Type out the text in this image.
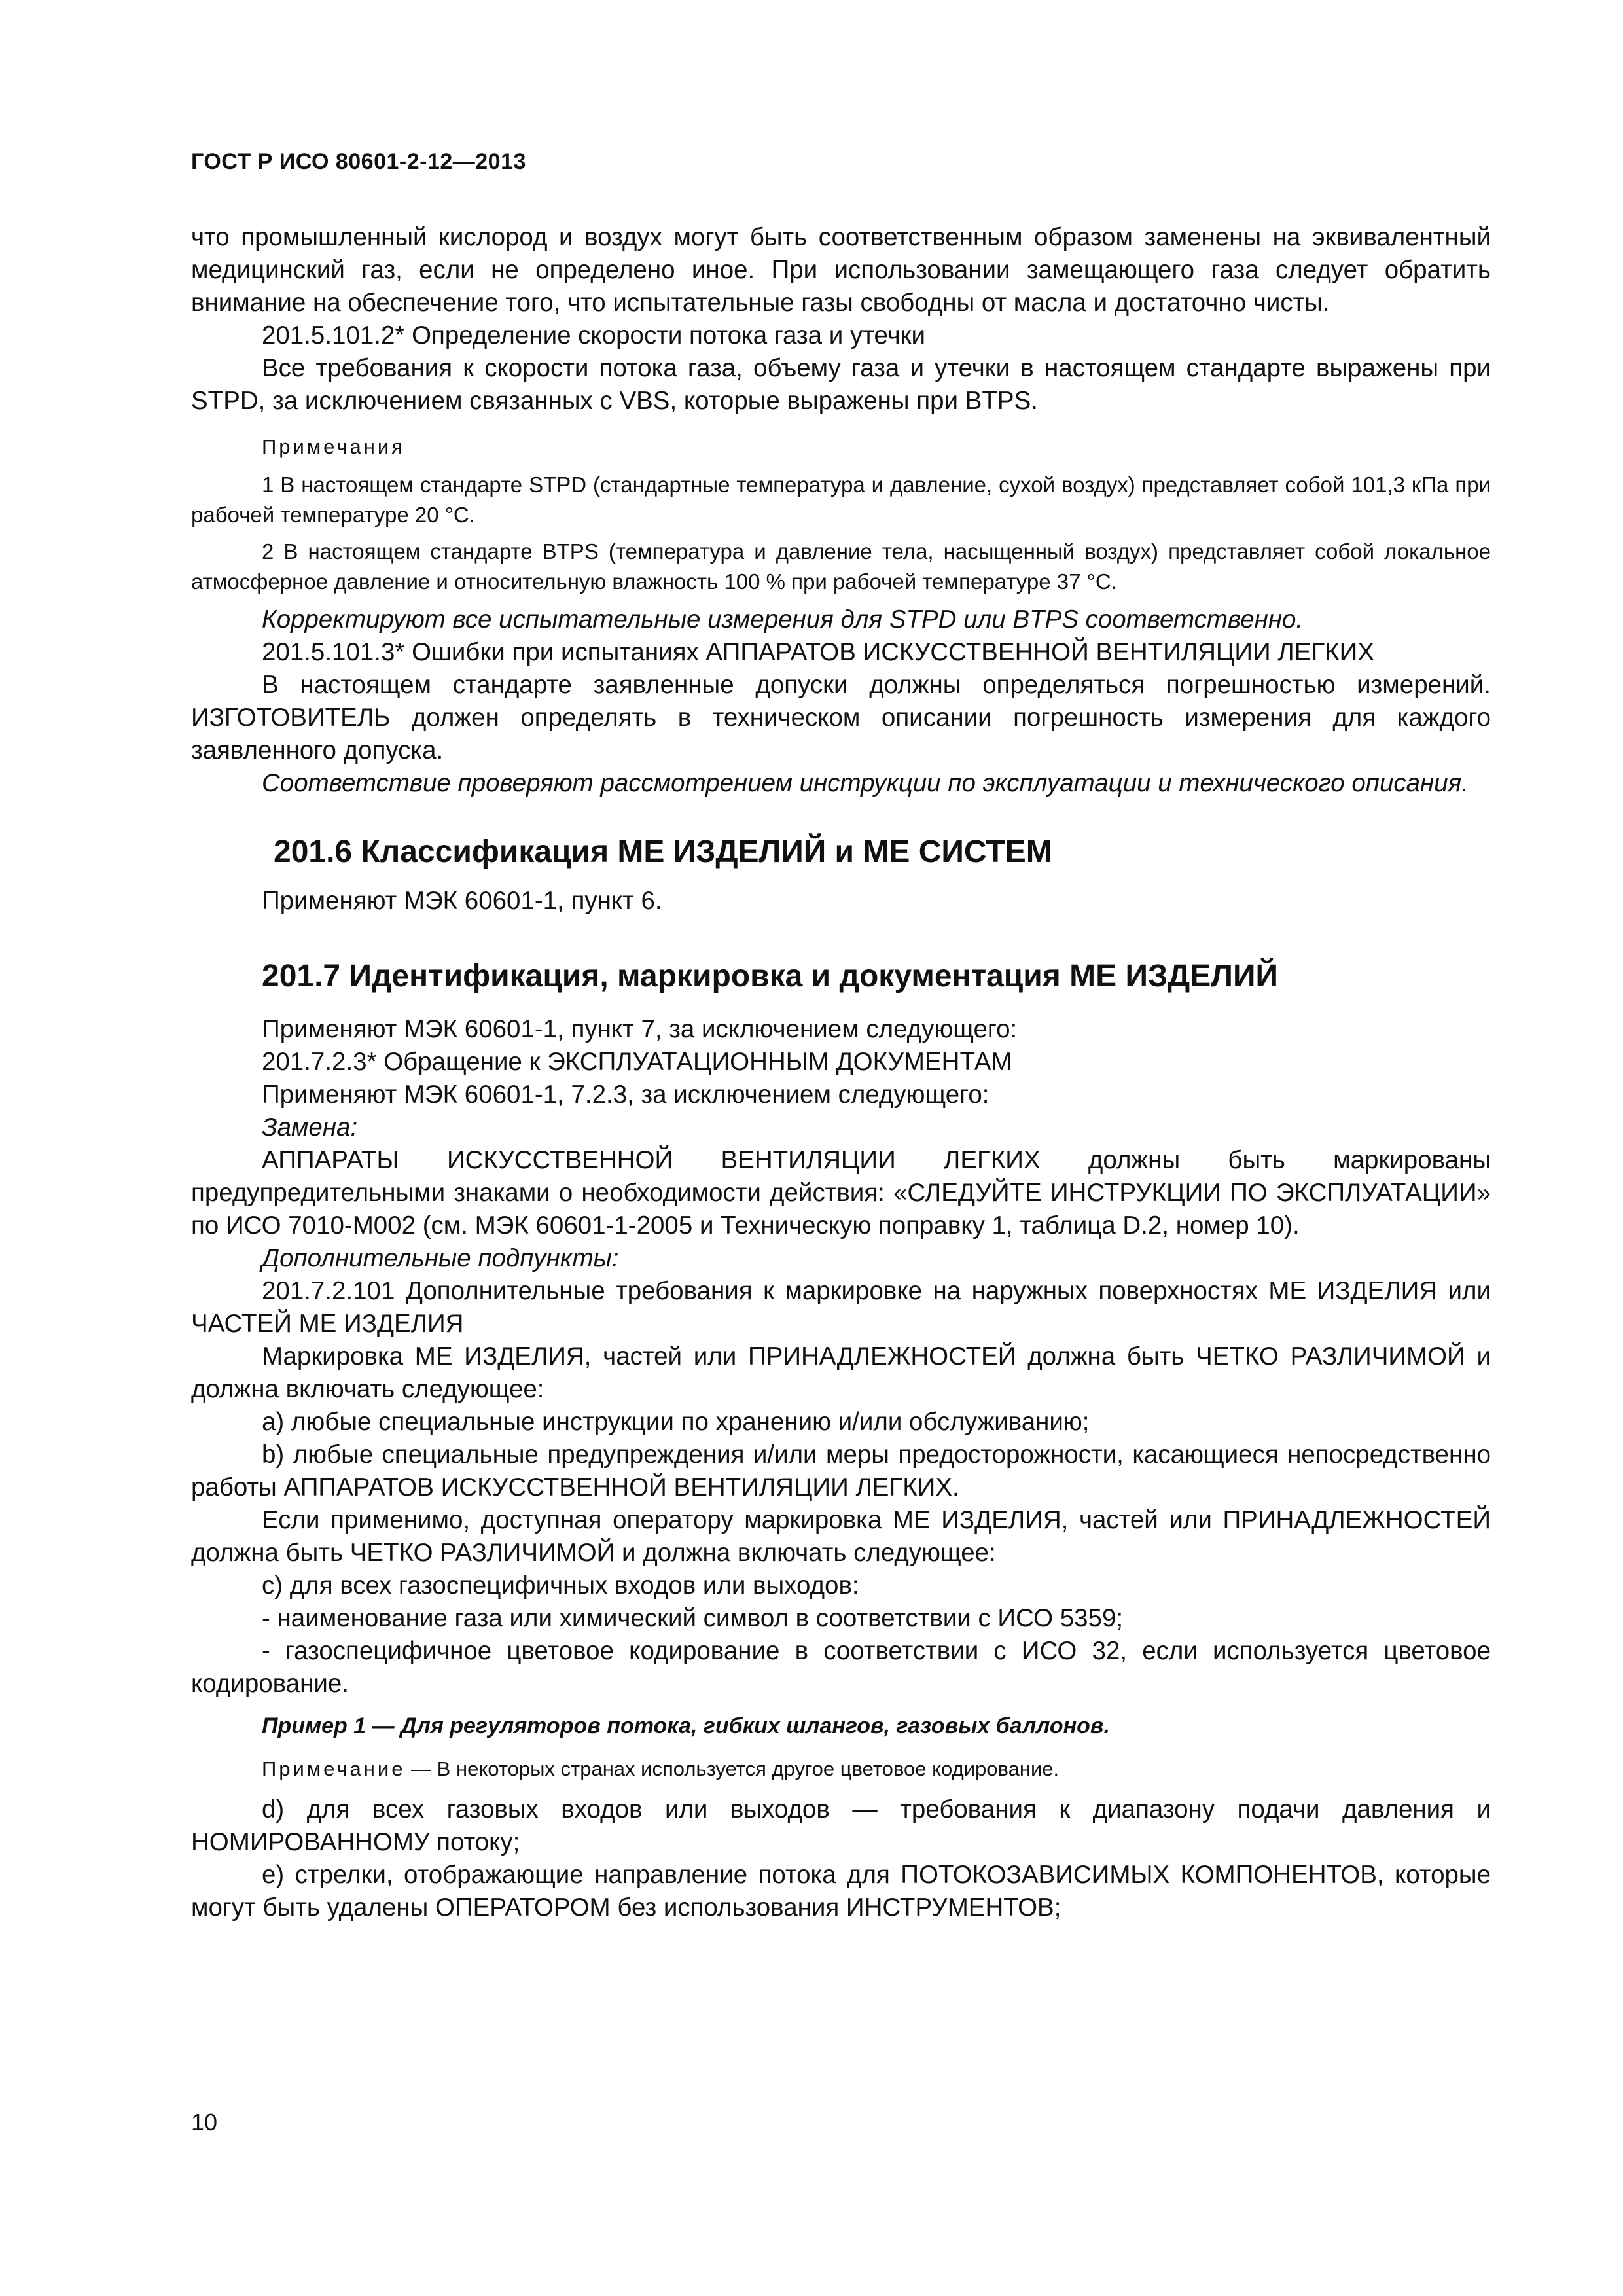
ГОСТ Р ИСО 80601-2-12—2013

что промышленный кислород и воздух могут быть соответственным образом заменены на эквивалентный медицинский газ, если не определено иное. При использовании замещающего газа следует обратить внимание на обеспечение того, что испытательные газы свободны от масла и достаточно чисты.

201.5.101.2* Определение скорости потока газа и утечки

Все требования к скорости потока газа, объему газа и утечки в настоящем стандарте выражены при STPD, за исключением связанных с VBS, которые выражены при BTPS.

Примечания

1 В настоящем стандарте STPD (стандартные температура и давление, сухой воздух) представляет собой 101,3 кПа при рабочей температуре 20 °С.

2 В настоящем стандарте BTPS (температура и давление тела, насыщенный воздух) представляет собой локальное атмосферное давление и относительную влажность 100 % при рабочей температуре 37 °С.

Корректируют все испытательные измерения для STPD или BTPS соответственно.

201.5.101.3* Ошибки при испытаниях АППАРАТОВ ИСКУССТВЕННОЙ ВЕНТИЛЯЦИИ ЛЕГКИХ

В настоящем стандарте заявленные допуски должны определяться погрешностью измерений. ИЗГОТОВИТЕЛЬ должен определять в техническом описании погрешность измерения для каждого заявленного допуска.

Соответствие проверяют рассмотрением инструкции по эксплуатации и технического описания.

201.6 Классификация МЕ ИЗДЕЛИЙ и МЕ СИСТЕМ

Применяют МЭК 60601-1, пункт 6.

201.7 Идентификация, маркировка и документация МЕ ИЗДЕЛИЙ

Применяют МЭК 60601-1, пункт 7, за исключением следующего:

201.7.2.3* Обращение к ЭКСПЛУАТАЦИОННЫМ ДОКУМЕНТАМ

Применяют МЭК 60601-1, 7.2.3, за исключением следующего:

Замена:

АППАРАТЫ ИСКУССТВЕННОЙ ВЕНТИЛЯЦИИ ЛЕГКИХ должны быть маркированы предупредительными знаками о необходимости действия: «СЛЕДУЙТЕ ИНСТРУКЦИИ ПО ЭКСПЛУАТАЦИИ» по ИСО 7010-М002 (см. МЭК 60601-1-2005 и Техническую поправку 1, таблица D.2, номер 10).

Дополнительные подпункты:

201.7.2.101 Дополнительные требования к маркировке на наружных поверхностях МЕ ИЗДЕЛИЯ или ЧАСТЕЙ МЕ ИЗДЕЛИЯ

Маркировка МЕ ИЗДЕЛИЯ, частей или ПРИНАДЛЕЖНОСТЕЙ должна быть ЧЕТКО РАЗЛИЧИМОЙ и должна включать следующее:

a) любые специальные инструкции по хранению и/или обслуживанию;

b) любые специальные предупреждения и/или меры предосторожности, касающиеся непосредственно работы АППАРАТОВ ИСКУССТВЕННОЙ ВЕНТИЛЯЦИИ ЛЕГКИХ.

Если применимо, доступная оператору маркировка МЕ ИЗДЕЛИЯ, частей или ПРИНАДЛЕЖНОСТЕЙ должна быть ЧЕТКО РАЗЛИЧИМОЙ и должна включать следующее:

c) для всех газоспецифичных входов или выходов:

- наименование газа или химический символ в соответствии с ИСО 5359;

- газоспецифичное цветовое кодирование в соответствии с ИСО 32, если используется цветовое кодирование.

Пример 1 — Для регуляторов потока, гибких шлангов, газовых баллонов.

Примечание — В некоторых странах используется другое цветовое кодирование.

d) для всех газовых входов или выходов — требования к диапазону подачи давления и НОМИРОВАННОМУ потоку;

e) стрелки, отображающие направление потока для ПОТОКОЗАВИСИМЫХ КОМПОНЕНТОВ, которые могут быть удалены ОПЕРАТОРОМ без использования ИНСТРУМЕНТОВ;

10
